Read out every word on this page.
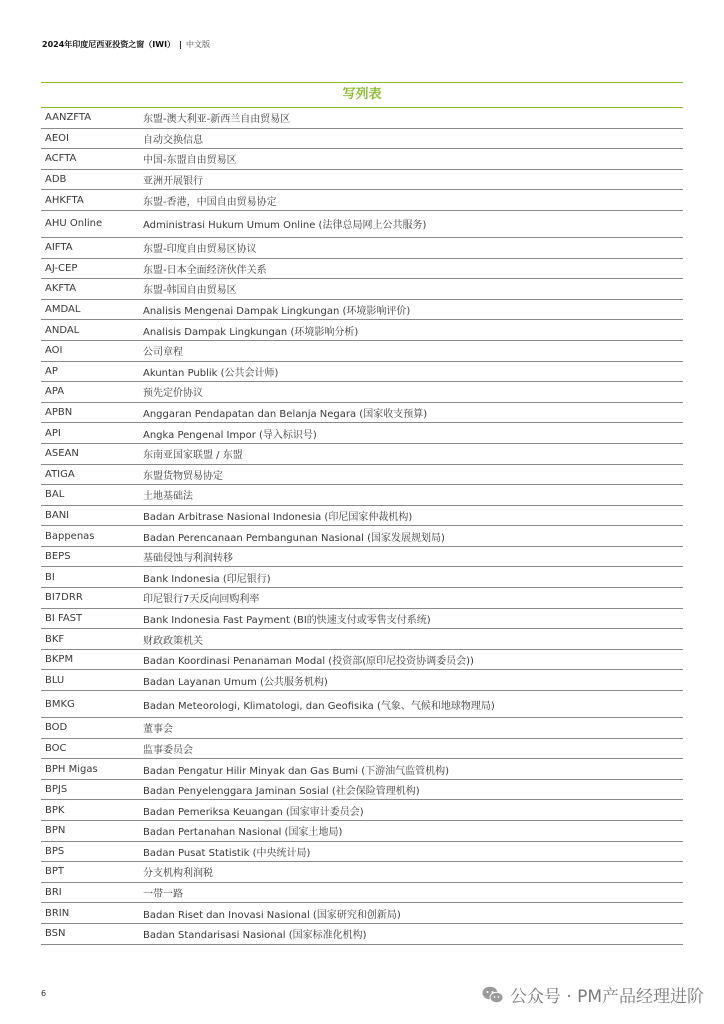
2024年印度尼西亚投资之窗（IWI） | 中文版
写列表
AANZFTA	东盟-澳大利亚-新西兰自由贸易区
AEOI	自动交换信息
ACFTA	中国-东盟自由贸易区
ADB	亚洲开展银行
AHKFTA	东盟-香港，中国自由贸易协定
AHU Online	Administrasi Hukum Umum Online (法律总局网上公共服务)
AIFTA	东盟-印度自由贸易区协议
AJ-CEP	东盟-日本全面经济伙伴关系
AKFTA	东盟-韩国自由贸易区
AMDAL	Analisis Mengenai Dampak Lingkungan (环境影响评价)
ANDAL	Analisis Dampak Lingkungan (环境影响分析)
AOI	公司章程
AP	Akuntan Publik (公共会计师)
APA	预先定价协议
APBN	Anggaran Pendapatan dan Belanja Negara (国家收支预算)
API	Angka Pengenal Impor (导入标识号)
ASEAN	东南亚国家联盟 / 东盟
ATIGA	东盟货物贸易协定
BAL	土地基础法
BANI	Badan Arbitrase Nasional Indonesia (印尼国家仲裁机构)
Bappenas	Badan Perencanaan Pembangunan Nasional (国家发展规划局)
BEPS	基础侵蚀与利润转移
BI	Bank Indonesia (印尼银行)
BI7DRR	印尼银行7天反向回购利率
BI FAST	Bank Indonesia Fast Payment (BI的快速支付或零售支付系统)
BKF	财政政策机关
BKPM	Badan Koordinasi Penanaman Modal (投资部(原印尼投资协调委员会))
BLU	Badan Layanan Umum (公共服务机构)
BMKG	Badan Meteorologi, Klimatologi, dan Geofisika (气象、气候和地球物理局)
BOD	董事会
BOC	监事委员会
BPH Migas	Badan Pengatur Hilir Minyak dan Gas Bumi (下游油气监管机构)
BPJS	Badan Penyelenggara Jaminan Sosial (社会保险管理机构)
BPK	Badan Pemeriksa Keuangan (国家审计委员会)
BPN	Badan Pertanahan Nasional (国家土地局)
BPS	Badan Pusat Statistik (中央统计局)
BPT	分支机构利润税
BRI	一带一路
BRIN	Badan Riset dan Inovasi Nasional (国家研究和创新局)
BSN	Badan Standarisasi Nasional (国家标准化机构)
6	公众号 · PM产品经理进阶
